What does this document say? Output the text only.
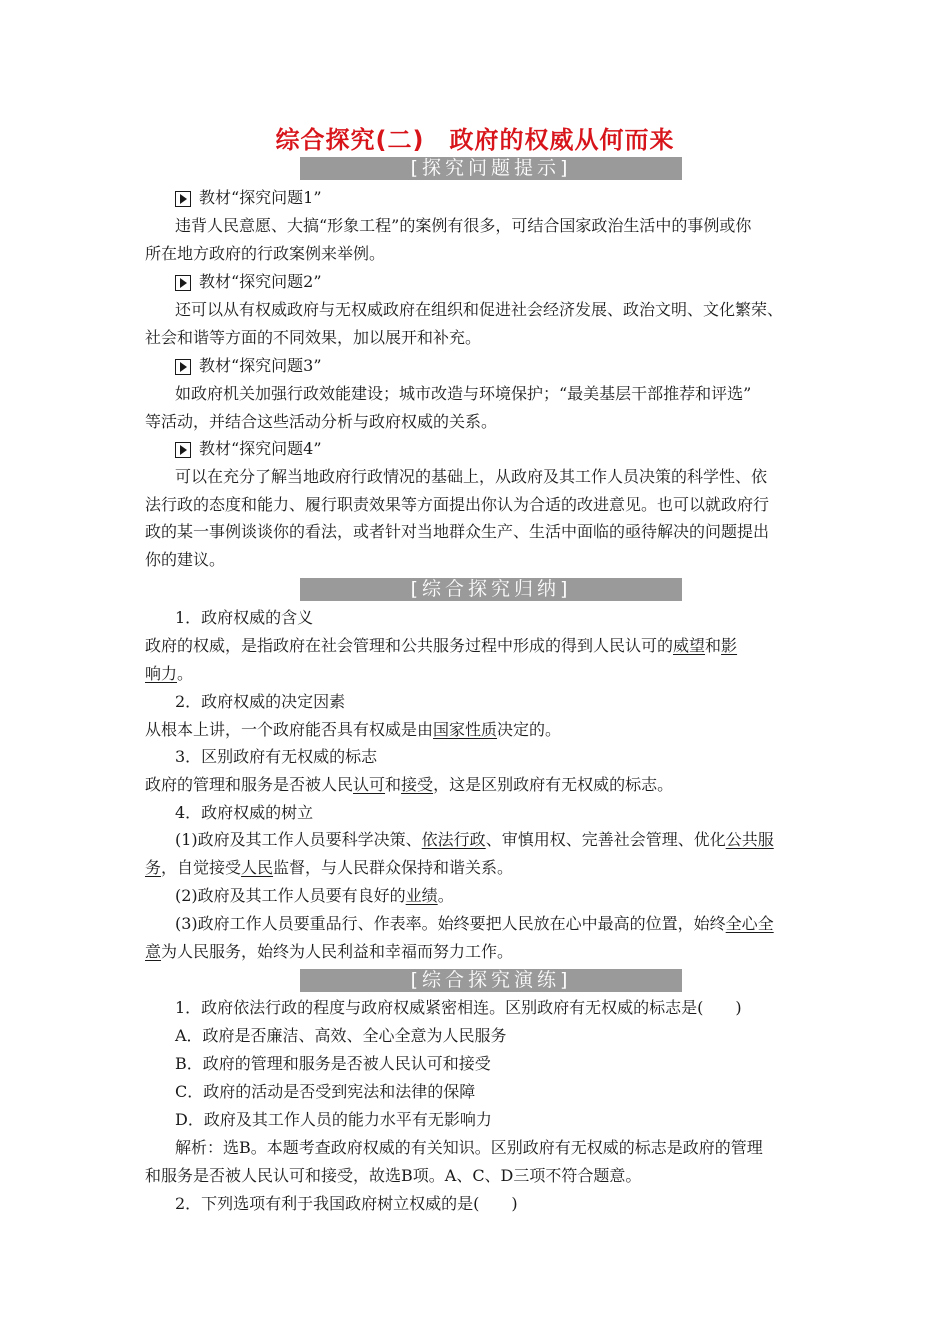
综合探究(二)　政府的权威从何而来
[探究问题提示]
教材“探究问题1”
违背人民意愿、大搞“形象工程”的案例有很多，可结合国家政治生活中的事例或你
所在地方政府的行政案例来举例。
教材“探究问题2”
还可以从有权威政府与无权威政府在组织和促进社会经济发展、政治文明、文化繁荣、
社会和谐等方面的不同效果，加以展开和补充。
教材“探究问题3”
如政府机关加强行政效能建设；城市改造与环境保护；“最美基层干部推荐和评选”
等活动，并结合这些活动分析与政府权威的关系。
教材“探究问题4”
可以在充分了解当地政府行政情况的基础上，从政府及其工作人员决策的科学性、依
法行政的态度和能力、履行职责效果等方面提出你认为合适的改进意见。也可以就政府行
政的某一事例谈谈你的看法，或者针对当地群众生产、生活中面临的亟待解决的问题提出
你的建议。
[综合探究归纳]
1．政府权威的含义
政府的权威，是指政府在社会管理和公共服务过程中形成的得到人民认可的威望和影
响力。
2．政府权威的决定因素
从根本上讲，一个政府能否具有权威是由国家性质决定的。
3．区别政府有无权威的标志
政府的管理和服务是否被人民认可和接受，这是区别政府有无权威的标志。
4．政府权威的树立
(1)政府及其工作人员要科学决策、依法行政、审慎用权、完善社会管理、优化公共服
务，自觉接受人民监督，与人民群众保持和谐关系。
(2)政府及其工作人员要有良好的业绩。
(3)政府工作人员要重品行、作表率。始终要把人民放在心中最高的位置，始终全心全
意为人民服务，始终为人民利益和幸福而努力工作。
[综合探究演练]
1．政府依法行政的程度与政府权威紧密相连。区别政府有无权威的标志是(　　)
A．政府是否廉洁、高效、全心全意为人民服务
B．政府的管理和服务是否被人民认可和接受
C．政府的活动是否受到宪法和法律的保障
D．政府及其工作人员的能力水平有无影响力
解析：选B。本题考查政府权威的有关知识。区别政府有无权威的标志是政府的管理
和服务是否被人民认可和接受，故选B项。A、C、D三项不符合题意。
2．下列选项有利于我国政府树立权威的是(　　)
